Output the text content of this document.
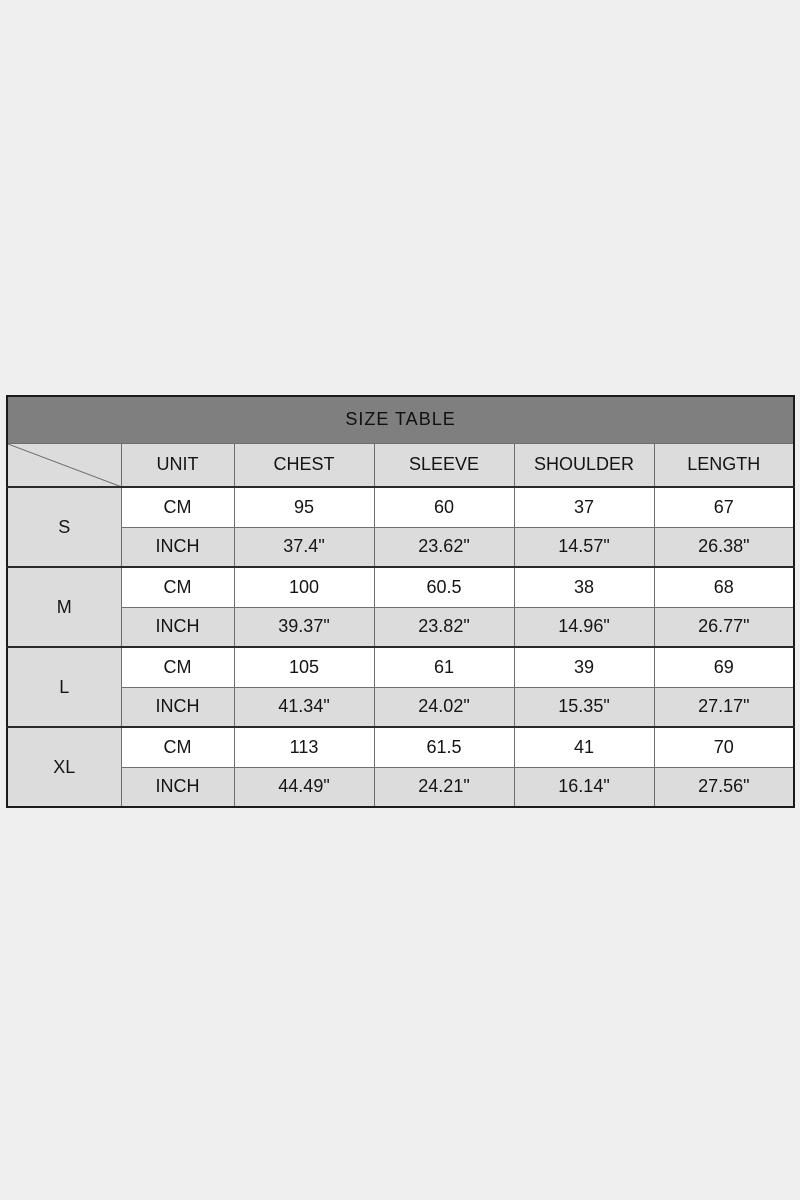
SIZE TABLE					

	UNIT	CHEST	SLEEVE	SHOULDER	LENGTH
S	CM	95	60	37	67
	INCH	37.4"	23.62"	14.57"	26.38"
M	CM	100	60.5	38	68
	INCH	39.37"	23.82"	14.96"	26.77"
L	CM	105	61	39	69
	INCH	41.34"	24.02"	15.35"	27.17"
XL	CM	113	61.5	41	70
	INCH	44.49"	24.21"	16.14"	27.56"
